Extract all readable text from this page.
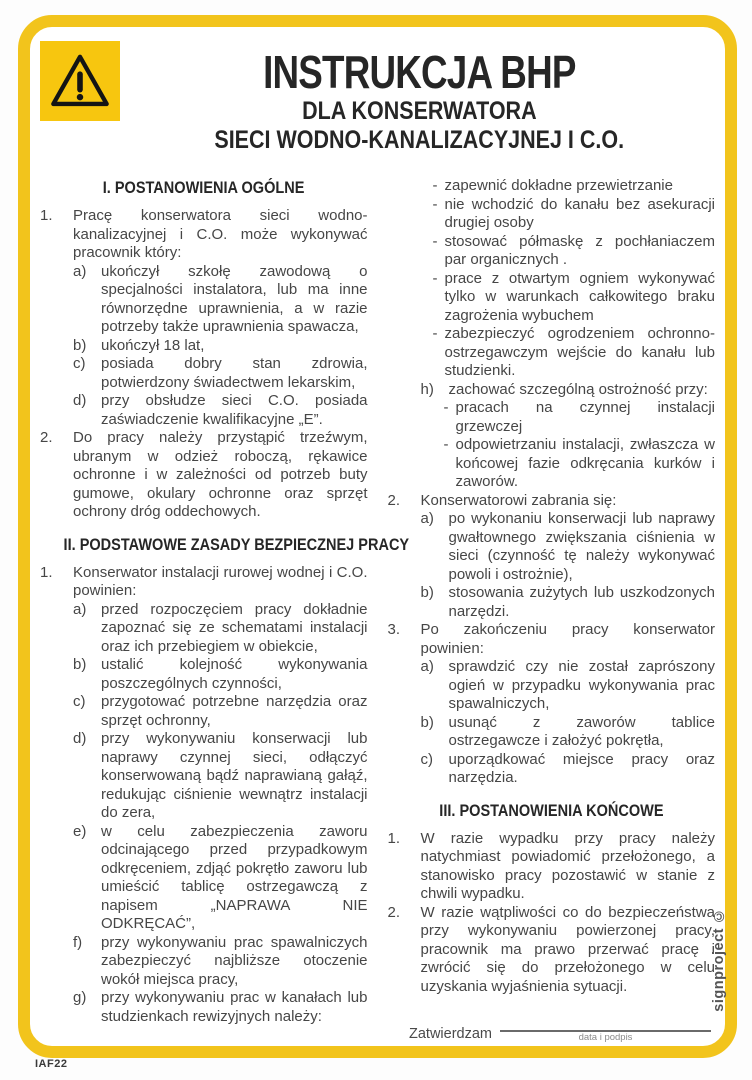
INSTRUKCJA BHP
DLA KONSERWATORA
SIECI WODNO-KANALIZACYJNEJ I C.O.
I. POSTANOWIENIA OGÓLNE

1. Pracę konserwatora sieci wodno-kanalizacyjnej i C.O. może wykonywać pracownik który:

a) ukończył szkołę zawodową o specjalności instalatora, lub ma inne równorzędne uprawnienia, a w razie potrzeby także uprawnienia spawacza,

b) ukończył 18 lat,

c) posiada dobry stan zdrowia, potwierdzony świadectwem lekarskim,

d) przy obsłudze sieci C.O. posiada zaświadczenie kwalifikacyjne „E”.

2. Do pracy należy przystąpić trzeźwym, ubranym w odzież roboczą, rękawice ochronne i w zależności od potrzeb buty gumowe, okulary ochronne oraz sprzęt ochrony dróg oddechowych.

II. PODSTAWOWE ZASADY BEZPIECZNEJ PRACY

1. Konserwator instalacji rurowej wodnej i C.O. powinien:

a) przed rozpoczęciem pracy dokładnie zapoznać się ze schematami instalacji oraz ich przebiegiem w obiekcie,

b) ustalić kolejność wykonywania poszczególnych czynności,

c) przygotować potrzebne narzędzia oraz sprzęt ochronny,

d) przy wykonywaniu konserwacji lub naprawy czynnej sieci, odłączyć konserwowaną bądź naprawianą gałąź, redukując ciśnienie wewnątrz instalacji do zera,

e) w celu zabezpieczenia zaworu odcinającego przed przypadkowym odkręceniem, zdjąć pokrętło zaworu lub umieścić tablicę ostrzegawczą z napisem „NAPRAWA NIE ODKRĘCAĆ”,

f) przy wykonywaniu prac spawalniczych zabezpieczyć najbliższe otoczenie wokół miejsca pracy,

g) przy wykonywaniu prac w kanałach lub studzienkach rewizyjnych należy:

- zapewnić dokładne przewietrzanie

- nie wchodzić do kanału bez asekuracji drugiej osoby

- stosować półmaskę z pochłaniaczem par organicznych .

- prace z otwartym ogniem wykonywać tylko w warunkach całkowitego braku zagrożenia wybuchem

- zabezpieczyć ogrodzeniem ochronno-ostrzegawczym wejście do kanału lub studzienki.

h) zachować szczególną ostrożność przy:

- pracach na czynnej instalacji grzewczej

- odpowietrzaniu instalacji, zwłaszcza w końcowej fazie odkręcania kurków i zaworów.

2. Konserwatorowi zabrania się:

a) po wykonaniu konserwacji lub naprawy gwałtownego zwiększania ciśnienia w sieci (czynność tę należy wykonywać powoli i ostrożnie),

b) stosowania zużytych lub uszkodzonych narzędzi.

3. Po zakończeniu pracy konserwator powinien:

a) sprawdzić czy nie został zaprószony ogień w przypadku wykonywania prac spawalniczych,

b) usunąć z zaworów tablice ostrzegawcze i założyć pokrętła,

c) uporządkować miejsce pracy oraz narzędzia.

III. POSTANOWIENIA KOŃCOWE

1. W razie wypadku przy pracy należy natychmiast powiadomić przełożonego, a stanowisko pracy pozostawić w stanie z chwili wypadku.

2. W razie wątpliwości co do bezpieczeństwa przy wykonywaniu powierzonej pracy, pracownik ma prawo przerwać pracę i zwrócić się do przełożonego w celu uzyskania wyjaśnienia sytuacji.

Zatwierdzam	data i podpis
signproject ©
IAF22
